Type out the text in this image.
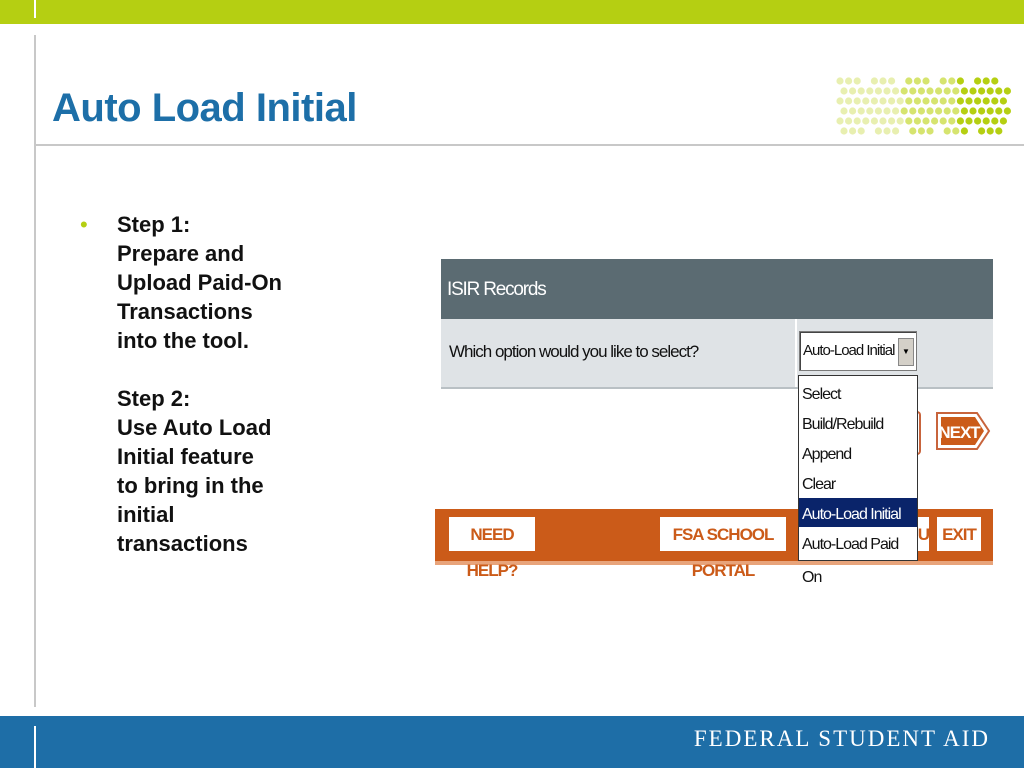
Auto Load Initial
• Step 1:
Prepare and
Upload Paid-On
Transactions
into the tool.
Step 2:
Use Auto Load
Initial feature
to bring in the
initial
transactions
ISIR Records
Which option would you like to select?	Auto-Load Initial ▼
Select
Build/Rebuild
Append
Clear
Auto-Load Initial
Auto-Load Paid On
NEXT
NEED HELP?
FSA SCHOOL PORTAL
U EXIT
FEDERAL STUDENT AID
